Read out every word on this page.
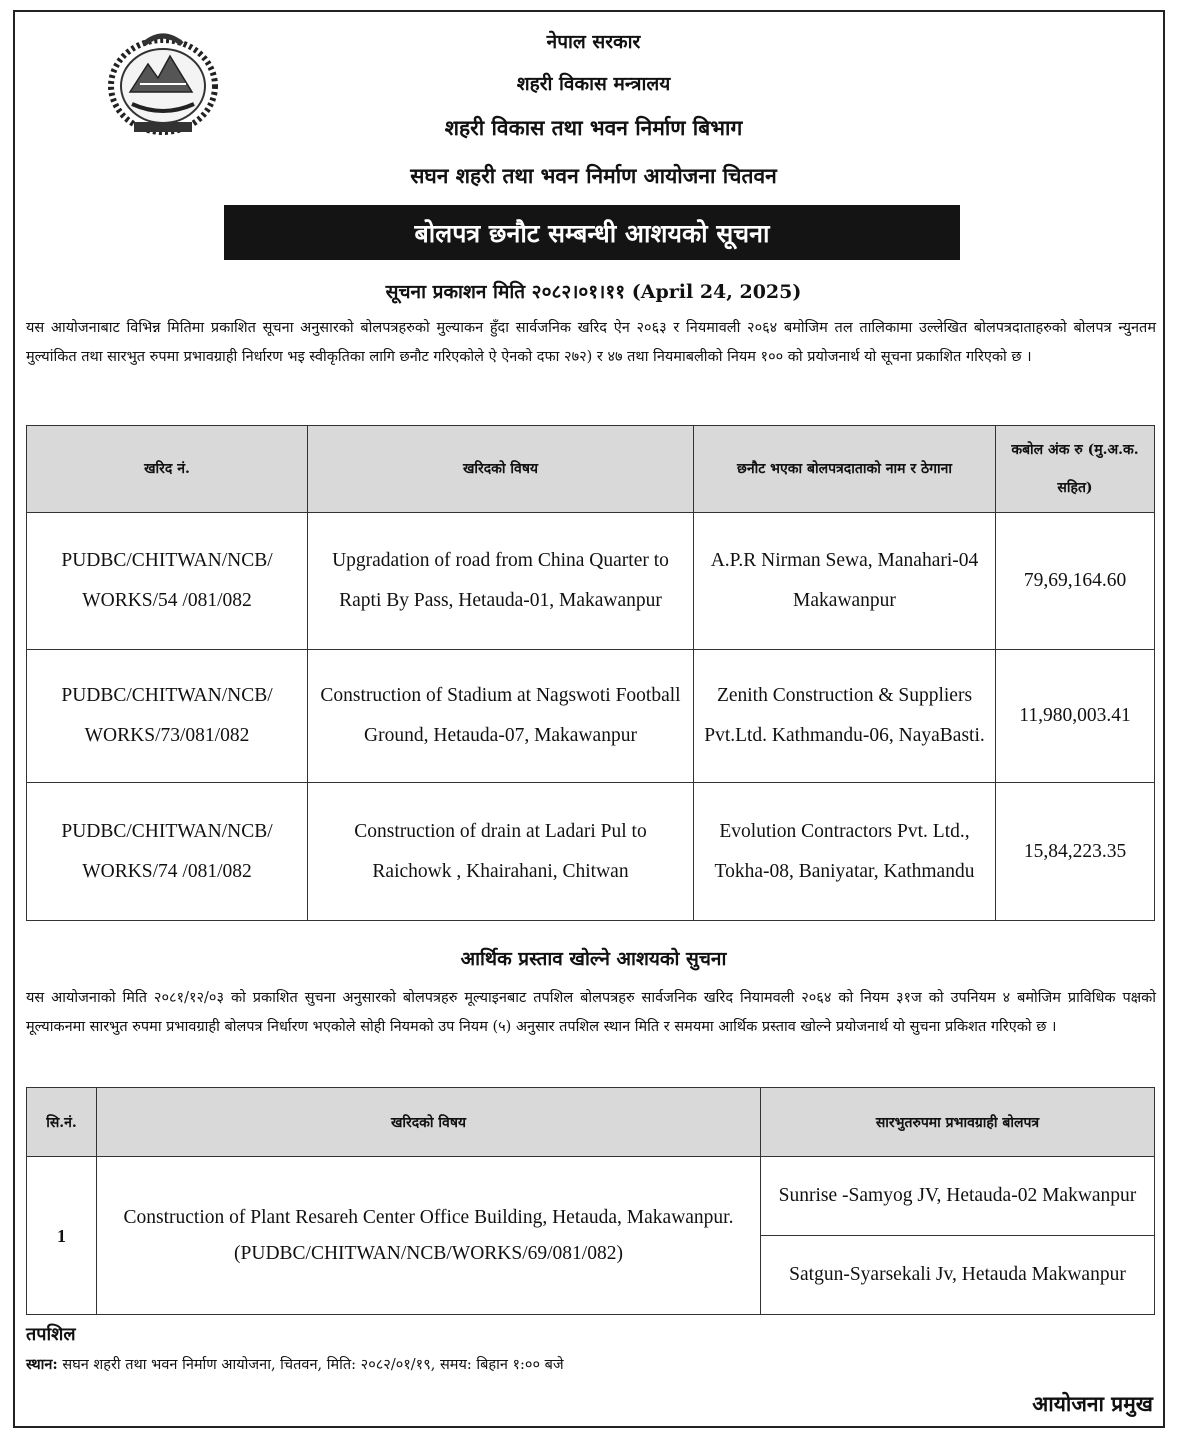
नेपाल सरकार
शहरी विकास मन्त्रालय
शहरी विकास तथा भवन निर्माण बिभाग
सघन शहरी तथा भवन निर्माण आयोजना चितवन
बोलपत्र छनौट सम्बन्धी आशयको सूचना
सूचना प्रकाशन मिति २०८२।०१।११ (April 24, 2025)
यस आयोजनाबाट विभिन्न मितिमा प्रकाशित सूचना अनुसारको बोलपत्रहरुको मुल्याकन हुँदा सार्वजनिक खरिद ऐन २०६३ र नियमावली २०६४ बमोजिम तल तालिकामा उल्लेखित बोलपत्रदाताहरुको बोलपत्र न्युनतम मुल्यांकित तथा सारभुत रुपमा प्रभावग्राही निर्धारण भइ स्वीकृतिका लागि छनौट गरिएकोले ऐ ऐनको दफा २७२) र ४७ तथा नियमाबलीको नियम १०० को प्रयोजनार्थ यो सूचना प्रकाशित गरिएको छ ।
खरिद नं.	खरिदको विषय	छनौट भएका बोलपत्रदाताको नाम र ठेगाना	कबोल अंक रु (मु.अ.क. सहित)
PUDBC/CHITWAN/NCB/ WORKS/54 /081/082	Upgradation of road from China Quarter to Rapti By Pass, Hetauda-01, Makawanpur	A.P.R Nirman Sewa, Manahari-04 Makawanpur	79,69,164.60
PUDBC/CHITWAN/NCB/ WORKS/73/081/082	Construction of Stadium at Nagswoti Football Ground, Hetauda-07, Makawanpur	Zenith Construction & Suppliers Pvt.Ltd. Kathmandu-06, NayaBasti.	11,980,003.41
PUDBC/CHITWAN/NCB/ WORKS/74 /081/082	Construction of drain at Ladari Pul to Raichowk , Khairahani, Chitwan	Evolution Contractors Pvt. Ltd., Tokha-08, Baniyatar, Kathmandu	15,84,223.35
आर्थिक प्रस्ताव खोल्ने आशयको सुचना
यस आयोजनाको मिति २०८१/१२/०३ को प्रकाशित सुचना अनुसारको बोलपत्रहरु मूल्याइनबाट तपशिल बोलपत्रहरु सार्वजनिक खरिद नियामवली २०६४ को नियम ३१ज को उपनियम ४ बमोजिम प्राविधिक पक्षको मूल्याकनमा सारभुत रुपमा प्रभावग्राही बोलपत्र निर्धारण भएकोले सोही नियमको उप नियम (५) अनुसार तपशिल स्थान मिति र समयमा आर्थिक प्रस्ताव खोल्ने प्रयोजनार्थ यो सुचना प्रकिशत गरिएको छ ।
सि.नं.	खरिदको विषय	सारभुतरुपमा प्रभावग्राही बोलपत्र
1	Construction of Plant Resareh Center Office Building, Hetauda, Makawanpur. (PUDBC/CHITWAN/NCB/WORKS/69/081/082)	Sunrise -Samyog JV, Hetauda-02 Makwanpur
		Satgun-Syarsekali Jv, Hetauda Makwanpur
तपशिल
स्थान: सघन शहरी तथा भवन निर्माण आयोजना, चितवन, मिति: २०८२/०१/१९, समय: बिहान १:०० बजे
आयोजना प्रमुख
